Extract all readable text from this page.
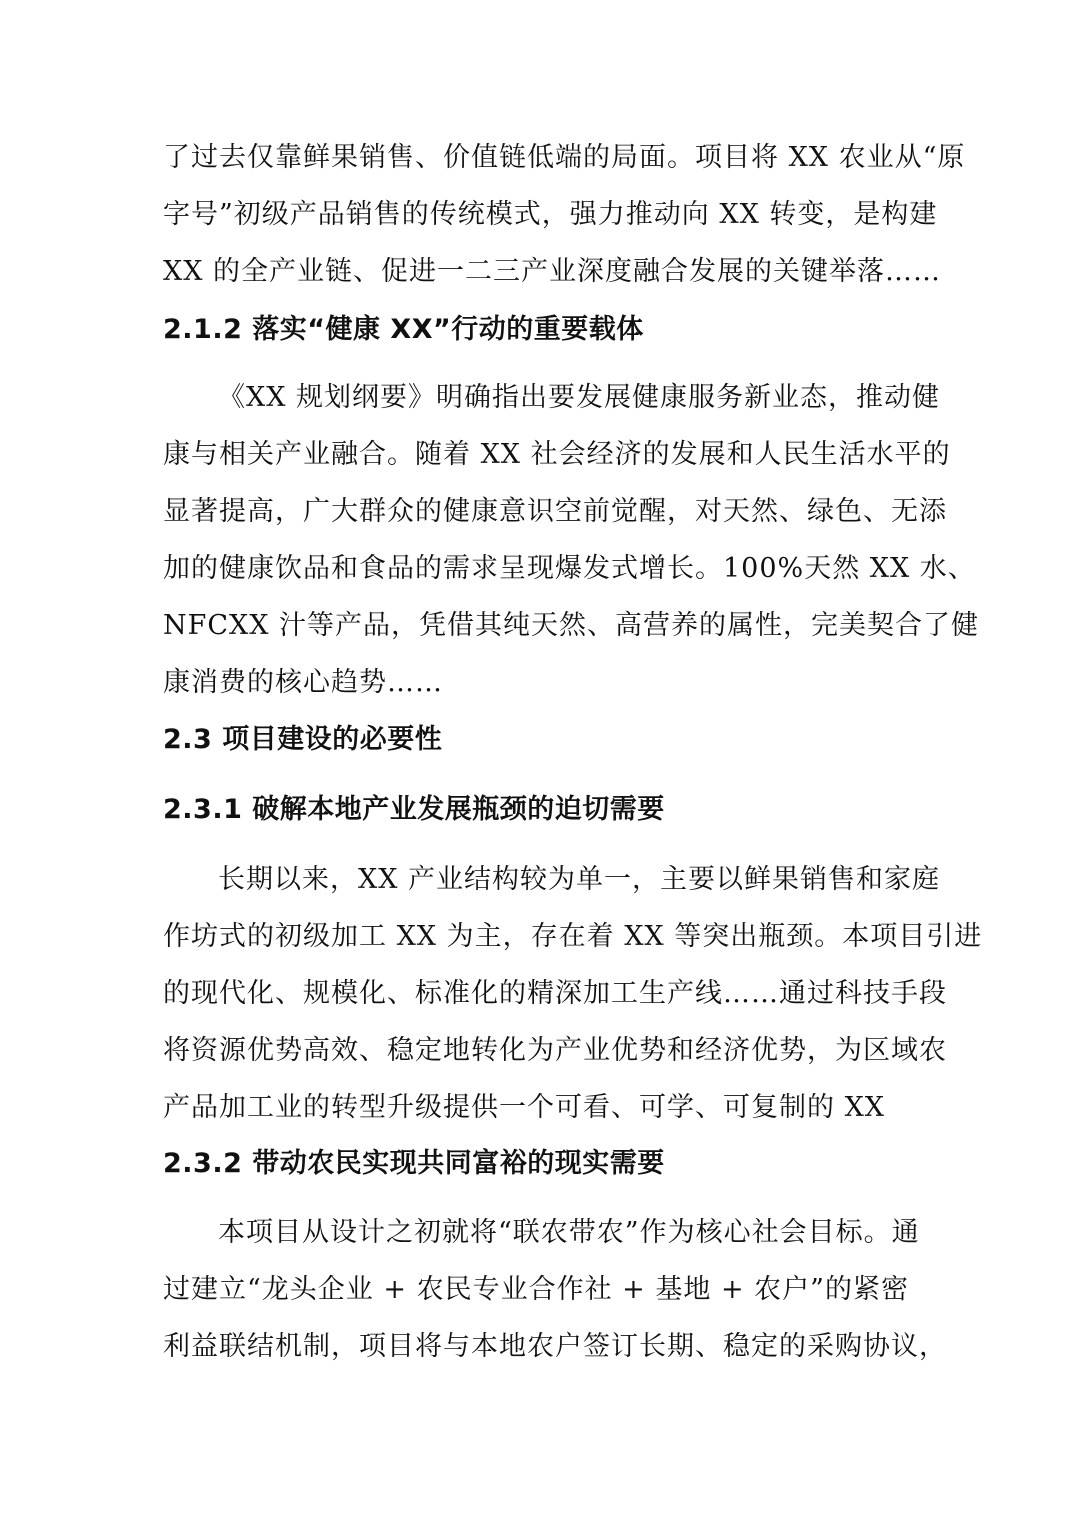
了过去仅靠鲜果销售、价值链低端的局面。项目将 XX 农业从“原
字号”初级产品销售的传统模式，强力推动向 XX 转变，是构建
XX 的全产业链、促进一二三产业深度融合发展的关键举落……
2.1.2 落实“健康 XX”行动的重要载体
《XX 规划纲要》明确指出要发展健康服务新业态，推动健
康与相关产业融合。随着 XX 社会经济的发展和人民生活水平的
显著提高，广大群众的健康意识空前觉醒，对天然、绿色、无添
加的健康饮品和食品的需求呈现爆发式增长。100%天然 XX 水、
NFCXX 汁等产品，凭借其纯天然、高营养的属性，完美契合了健
康消费的核心趋势……
2.3 项目建设的必要性
2.3.1 破解本地产业发展瓶颈的迫切需要
长期以来，XX 产业结构较为单一，主要以鲜果销售和家庭
作坊式的初级加工 XX 为主，存在着 XX 等突出瓶颈。本项目引进
的现代化、规模化、标准化的精深加工生产线……通过科技手段
将资源优势高效、稳定地转化为产业优势和经济优势，为区域农
产品加工业的转型升级提供一个可看、可学、可复制的 XX
2.3.2 带动农民实现共同富裕的现实需要
本项目从设计之初就将“联农带农”作为核心社会目标。通
过建立“龙头企业 + 农民专业合作社 + 基地 + 农户”的紧密
利益联结机制，项目将与本地农户签订长期、稳定的采购协议，
